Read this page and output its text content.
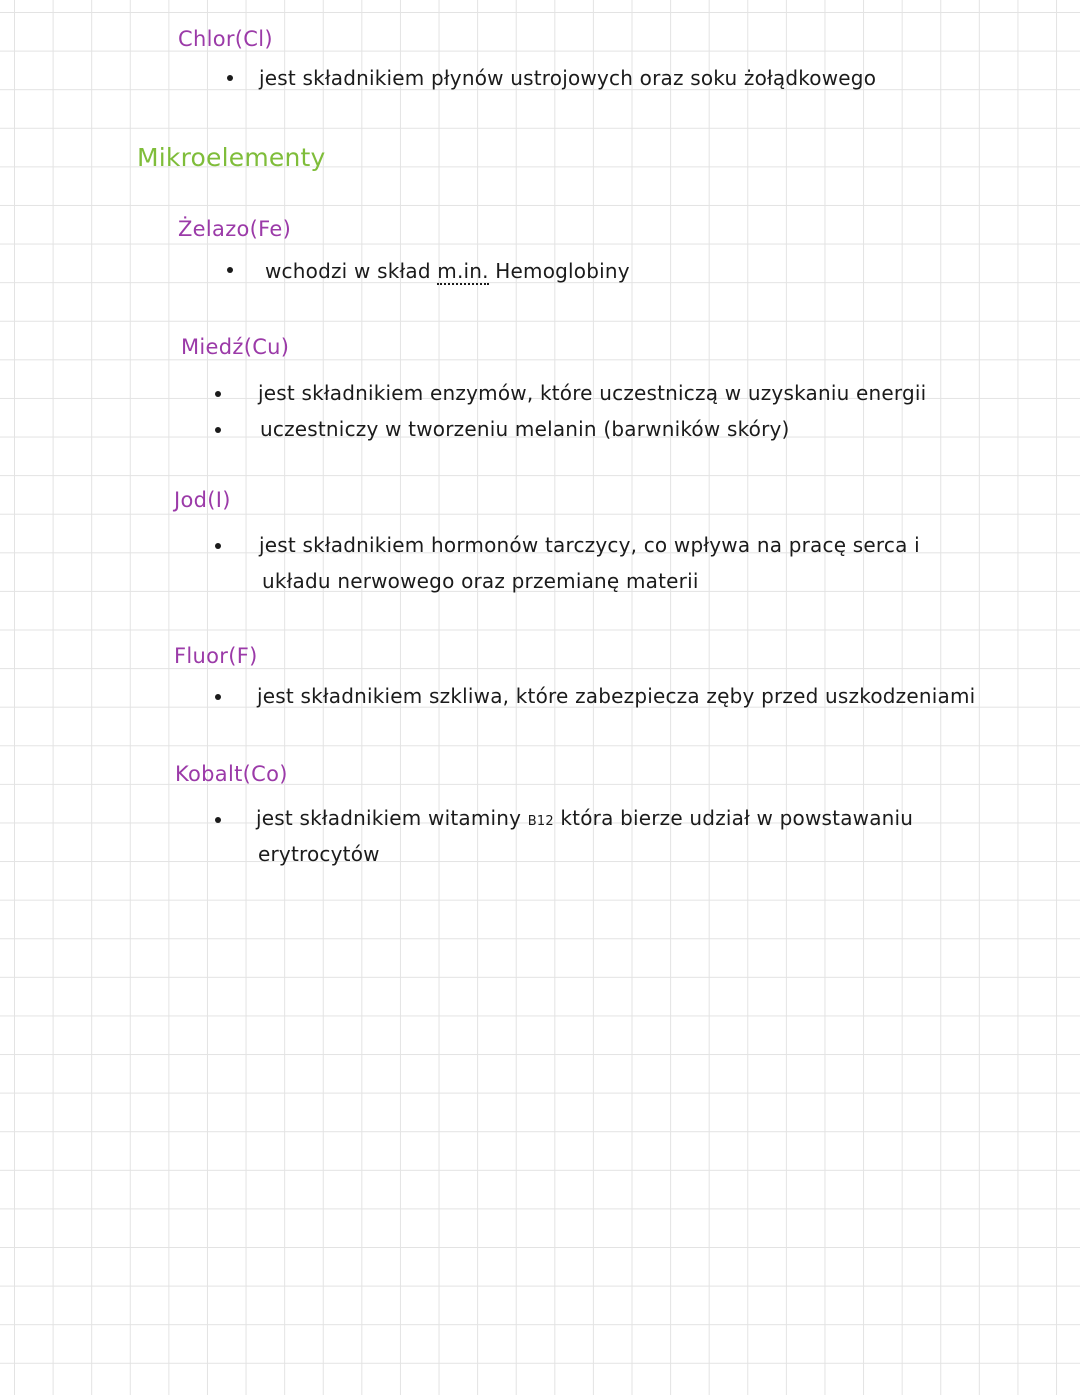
Chlor(Cl)
jest składnikiem płynów ustrojowych oraz soku żołądkowego
Mikroelementy
Żelazo(Fe)
wchodzi w skład m.in. Hemoglobiny
Miedź(Cu)
jest składnikiem enzymów, które uczestniczą w uzyskaniu energii
uczestniczy w tworzeniu melanin (barwników skóry)
Jod(I)
jest składnikiem hormonów tarczycy, co wpływa na pracę serca i
układu nerwowego oraz przemianę materii
Fluor(F)
jest składnikiem szkliwa, które zabezpiecza zęby przed uszkodzeniami
Kobalt(Co)
jest składnikiem witaminy B12 która bierze udział w powstawaniu
erytrocytów
